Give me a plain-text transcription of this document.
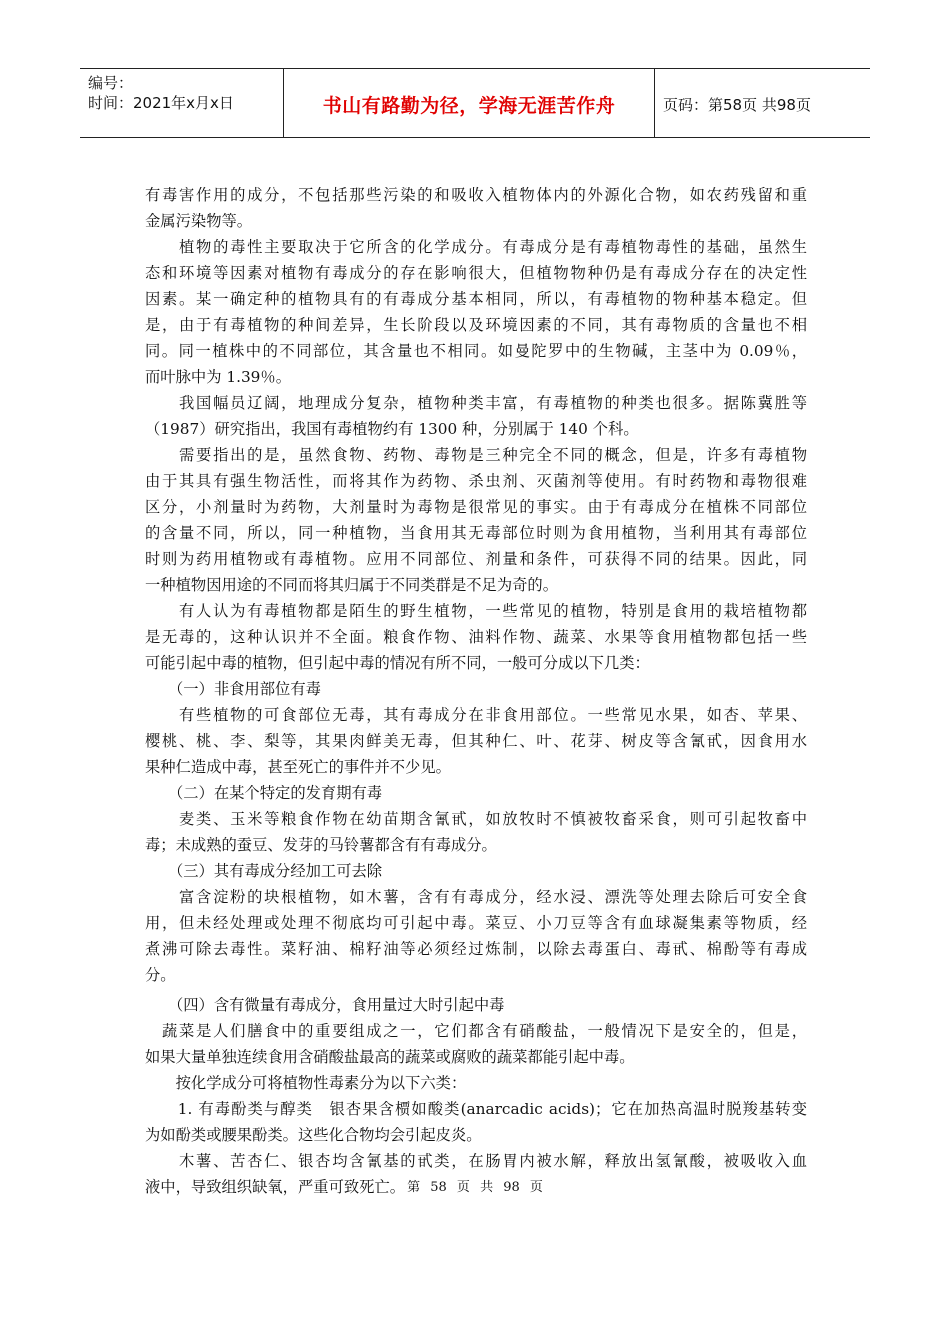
编号：
时间：2021年x月x日	书山有路勤为径，学海无涯苦作舟	页码：第58页 共98页
有毒害作用的成分，不包括那些污染的和吸收入植物体内的外源化合物，如农药残留和重
金属污染物等。
　　植物的毒性主要取决于它所含的化学成分。有毒成分是有毒植物毒性的基础，虽然生
态和环境等因素对植物有毒成分的存在影响很大，但植物物种仍是有毒成分存在的决定性
因素。某一确定种的植物具有的有毒成分基本相同，所以，有毒植物的物种基本稳定。但
是，由于有毒植物的种间差异，生长阶段以及环境因素的不同，其有毒物质的含量也不相
同。同一植株中的不同部位，其含量也不相同。如曼陀罗中的生物碱，主茎中为 0.09％，
而叶脉中为 1.39％。
　　我国幅员辽阔，地理成分复杂，植物种类丰富，有毒植物的种类也很多。据陈冀胜等
（1987）研究指出，我国有毒植物约有 1300 种，分别属于 140 个科。
　　需要指出的是，虽然食物、药物、毒物是三种完全不同的概念，但是，许多有毒植物
由于其具有强生物活性，而将其作为药物、杀虫剂、灭菌剂等使用。有时药物和毒物很难
区分，小剂量时为药物，大剂量时为毒物是很常见的事实。由于有毒成分在植株不同部位
的含量不同，所以，同一种植物，当食用其无毒部位时则为食用植物，当利用其有毒部位
时则为药用植物或有毒植物。应用不同部位、剂量和条件，可获得不同的结果。因此，同
一种植物因用途的不同而将其归属于不同类群是不足为奇的。
　　有人认为有毒植物都是陌生的野生植物，一些常见的植物，特别是食用的栽培植物都
是无毒的，这种认识并不全面。粮食作物、油料作物、蔬菜、水果等食用植物都包括一些
可能引起中毒的植物，但引起中毒的情况有所不同，一般可分成以下几类：
　　（一）非食用部位有毒
　　有些植物的可食部位无毒，其有毒成分在非食用部位。一些常见水果，如杏、苹果、
樱桃、桃、李、梨等，其果肉鲜美无毒，但其种仁、叶、花芽、树皮等含氰甙，因食用水
果种仁造成中毒，甚至死亡的事件并不少见。
　　（二）在某个特定的发育期有毒
　　麦类、玉米等粮食作物在幼苗期含氰甙，如放牧时不慎被牧畜采食，则可引起牧畜中
毒；未成熟的蚕豆、发芽的马铃薯都含有有毒成分。
　　（三）其有毒成分经加工可去除
　　富含淀粉的块根植物，如木薯，含有有毒成分，经水浸、漂洗等处理去除后可安全食
用，但未经处理或处理不彻底均可引起中毒。菜豆、小刀豆等含有血球凝集素等物质，经
煮沸可除去毒性。菜籽油、棉籽油等必须经过炼制，以除去毒蛋白、毒甙、棉酚等有毒成
分。
　　（四）含有微量有毒成分，食用量过大时引起中毒
　蔬菜是人们膳食中的重要组成之一，它们都含有硝酸盐，一般情况下是安全的，但是，
如果大量单独连续食用含硝酸盐最高的蔬菜或腐败的蔬菜都能引起中毒。
　　按化学成分可将植物性毒素分为以下六类：
　　1. 有毒酚类与醇类　银杏果含槚如酸类(anarcadic acids)；它在加热高温时脱羧基转变
为如酚类或腰果酚类。这些化合物均会引起皮炎。
　　木薯、苦杏仁、银杏均含氰基的甙类，在肠胃内被水解，释放出氢氰酸，被吸收入血
液中，导致组织缺氧，严重可致死亡。 第 58 页 共 98 页
